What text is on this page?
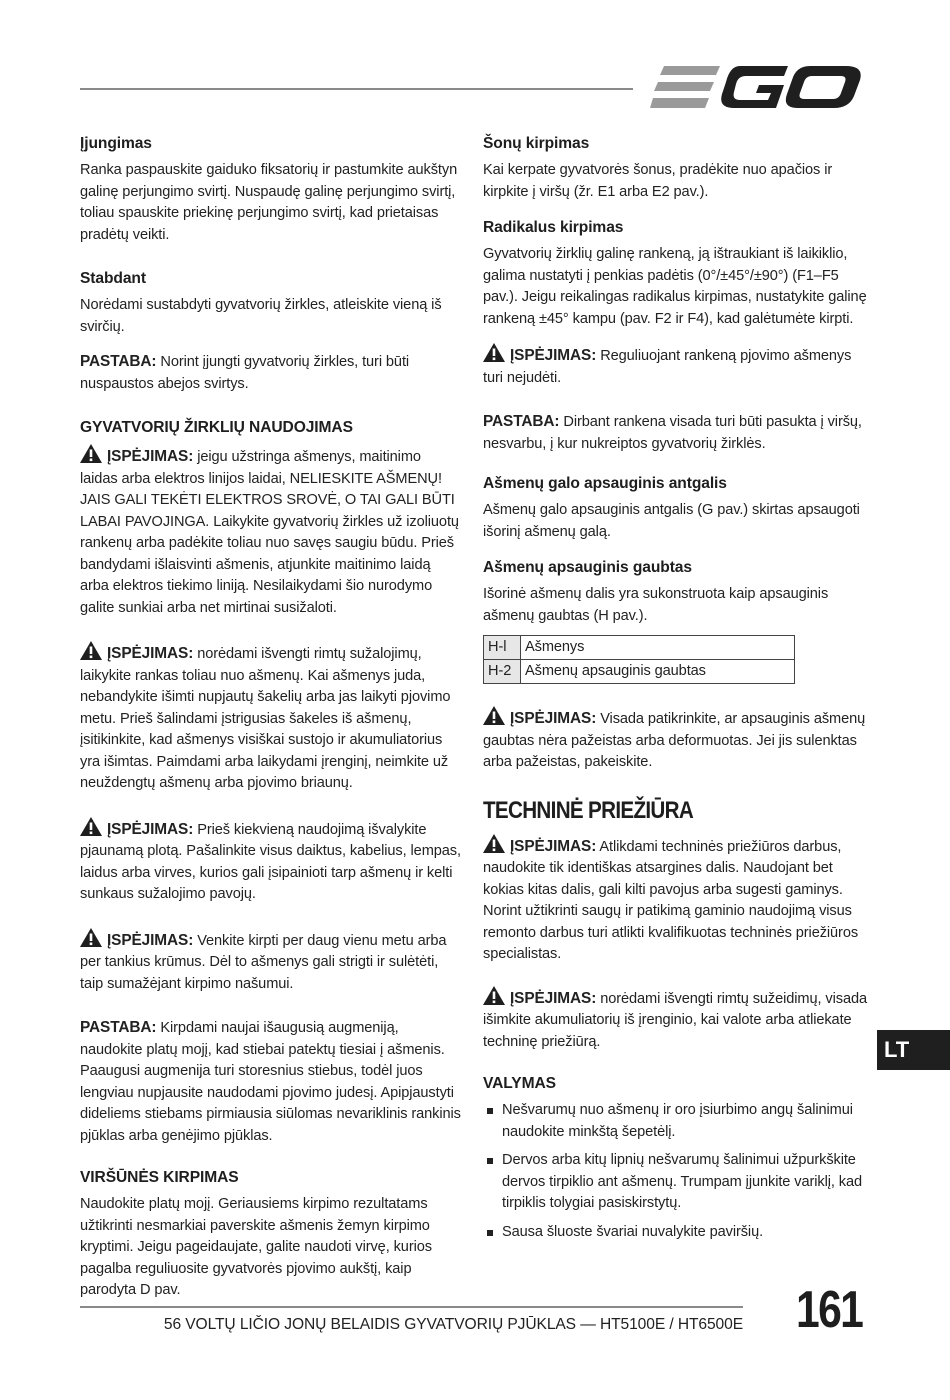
Įjungimas

Ranka paspauskite gaiduko fiksatorių ir pastumkite aukštyn galinę perjungimo svirtį. Nuspaudę galinę perjungimo svirtį, toliau spauskite priekinę perjungimo svirtį, kad prietaisas pradėtų veikti.

Stabdant

Norėdami sustabdyti gyvatvorių žirkles, atleiskite vieną iš svirčių.

PASTABA: Norint įjungti gyvatvorių žirkles, turi būti nuspaustos abejos svirtys.

GYVATVORIŲ ŽIRKLIŲ NAUDOJIMAS

ĮSPĖJIMAS: jeigu užstringa ašmenys, maitinimo laidas arba elektros linijos laidai, NELIESKITE AŠMENŲ! JAIS GALI TEKĖTI ELEKTROS SROVĖ, O TAI GALI BŪTI LABAI PAVOJINGA. Laikykite gyvatvorių žirkles už izoliuotų rankenų arba padėkite toliau nuo savęs saugiu būdu. Prieš bandydami išlaisvinti ašmenis, atjunkite maitinimo laidą arba elektros tiekimo liniją. Nesilaikydami šio nurodymo galite sunkiai arba net mirtinai susižaloti.

ĮSPĖJIMAS: norėdami išvengti rimtų sužalojimų, laikykite rankas toliau nuo ašmenų. Kai ašmenys juda, nebandykite išimti nupjautų šakelių arba jas laikyti pjovimo metu. Prieš šalindami įstrigusias šakeles iš ašmenų, įsitikinkite, kad ašmenys visiškai sustojo ir akumuliatorius yra išimtas. Paimdami arba laikydami įrenginį, neimkite už neuždengtų ašmenų arba pjovimo briaunų.

ĮSPĖJIMAS: Prieš kiekvieną naudojimą išvalykite pjaunamą plotą. Pašalinkite visus daiktus, kabelius, lempas, laidus arba virves, kurios gali įsipainioti tarp ašmenų ir kelti sunkaus sužalojimo pavojų.

ĮSPĖJIMAS: Venkite kirpti per daug vienu metu arba per tankius krūmus. Dėl to ašmenys gali strigti ir sulėtėti, taip sumažėjant kirpimo našumui.

PASTABA: Kirpdami naujai išaugusią augmeniją, naudokite platų mojį, kad stiebai patektų tiesiai į ašmenis. Paaugusi augmenija turi storesnius stiebus, todėl juos lengviau nupjausite naudodami pjovimo judesį. Apipjaustyti dideliems stiebams pirmiausia siūlomas nevariklinis rankinis pjūklas arba genėjimo pjūklas.

VIRŠŪNĖS KIRPIMAS

Naudokite platų mojį. Geriausiems kirpimo rezultatams užtikrinti nesmarkiai paverskite ašmenis žemyn kirpimo kryptimi. Jeigu pageidaujate, galite naudoti virvę, kurios pagalba reguliuosite gyvatvorės pjovimo aukštį, kaip parodyta D pav.

Šonų kirpimas

Kai kerpate gyvatvorės šonus, pradėkite nuo apačios ir kirpkite į viršų (žr. E1 arba E2 pav.).

Radikalus kirpimas

Gyvatvorių žirklių galinę rankeną, ją ištraukiant iš laikiklio, galima nustatyti į penkias padėtis (0°/±45°/±90°) (F1–F5 pav.). Jeigu reikalingas radikalus kirpimas, nustatykite galinę rankeną ±45° kampu (pav. F2 ir F4), kad galėtumėte kirpti.

ĮSPĖJIMAS: Reguliuojant rankeną pjovimo ašmenys turi nejudėti.

PASTABA: Dirbant rankena visada turi būti pasukta į viršų, nesvarbu, į kur nukreiptos gyvatvorių žirklės.

Ašmenų galo apsauginis antgalis

Ašmenų galo apsauginis antgalis (G pav.) skirtas apsaugoti išorinį ašmenų galą.

Ašmenų apsauginis gaubtas

Išorinė ašmenų dalis yra sukonstruota kaip apsauginis ašmenų gaubtas (H pav.).

H-l	Ašmenys
H-2	Ašmenų apsauginis gaubtas

ĮSPĖJIMAS: Visada patikrinkite, ar apsauginis ašmenų gaubtas nėra pažeistas arba deformuotas. Jei jis sulenktas arba pažeistas, pakeiskite.

TECHNINĖ PRIEŽIŪRA

ĮSPĖJIMAS: Atlikdami techninės priežiūros darbus, naudokite tik identiškas atsargines dalis. Naudojant bet kokias kitas dalis, gali kilti pavojus arba sugesti gaminys. Norint užtikrinti saugų ir patikimą gaminio naudojimą visus remonto darbus turi atlikti kvalifikuotas techninės priežiūros specialistas.

ĮSPĖJIMAS: norėdami išvengti rimtų sužeidimų, visada išimkite akumuliatorių iš įrenginio, kai valote arba atliekate techninę priežiūrą.

VALYMAS
Nešvarumų nuo ašmenų ir oro įsiurbimo angų šalinimui naudokite minkštą šepetėlį.
Dervos arba kitų lipnių nešvarumų šalinimui užpurkškite dervos tirpiklio ant ašmenų. Trumpam įjunkite variklį, kad tirpiklis tolygiai pasiskirstytų.
Sausa šluoste švariai nuvalykite paviršių.
LT
56 VOLTŲ LIČIO JONŲ BELAIDIS GYVATVORIŲ PJŪKLAS — HT5100E / HT6500E 161
